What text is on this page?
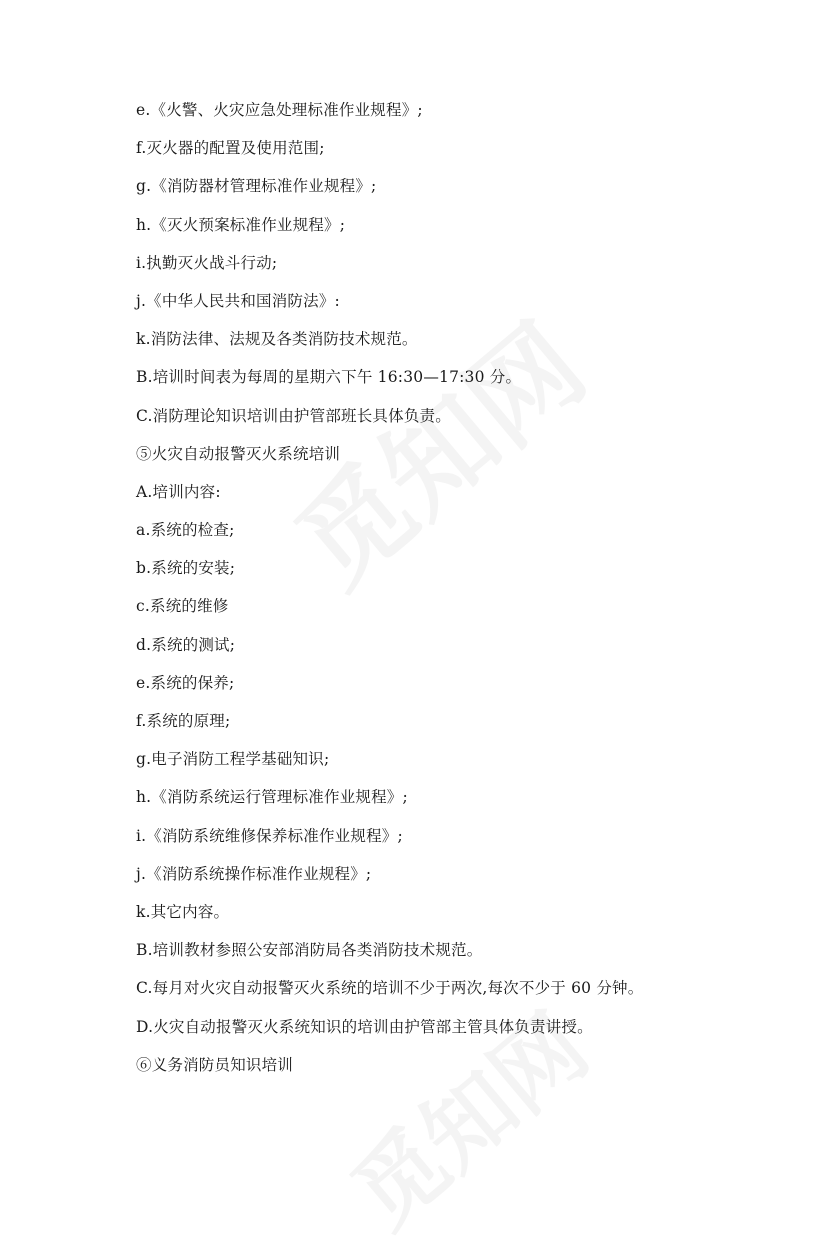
e.《火警、火灾应急处理标准作业规程》;
f.灭火器的配置及使用范围;
g.《消防器材管理标准作业规程》;
h.《灭火预案标准作业规程》;
i.执勤灭火战斗行动;
j.《中华人民共和国消防法》:
k.消防法律、法规及各类消防技术规范。
B.培训时间表为每周的星期六下午 16:30—17:30 分。
C.消防理论知识培训由护管部班长具体负责。
⑤火灾自动报警灭火系统培训
A.培训内容:
a.系统的检查;
b.系统的安装;
c.系统的维修
d.系统的测试;
e.系统的保养;
f.系统的原理;
g.电子消防工程学基础知识;
h.《消防系统运行管理标准作业规程》;
i.《消防系统维修保养标准作业规程》;
j.《消防系统操作标准作业规程》;
k.其它内容。
B.培训教材参照公安部消防局各类消防技术规范。
C.每月对火灾自动报警灭火系统的培训不少于两次,每次不少于 60 分钟。
D.火灾自动报警灭火系统知识的培训由护管部主管具体负责讲授。
⑥义务消防员知识培训
